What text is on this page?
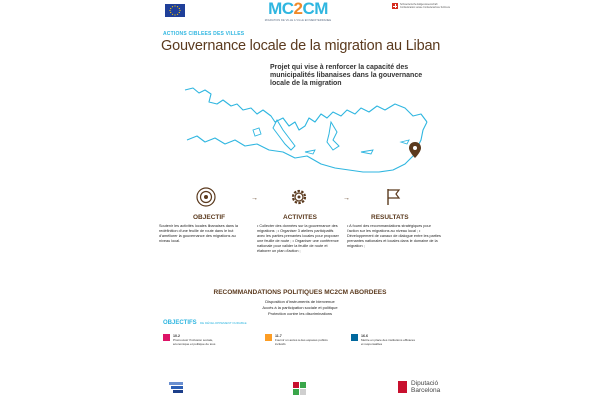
MC2CM
MIGRATION DE VILLE A VILLE EN MEDITERRANEE
Schweizerische Eidgenossenschaft Confédération suisse Confederazione Svizzera
ACTIONS CIBLEES DES VILLES
Gouvernance locale de la migration au Liban
Projet qui vise à renforcer la capacité des municipalités libanaises dans la gouvernance locale de la migration
→	→
OBJECTIF	ACTIVITES	RESULTATS
Soutenir les activités locales libanaises dans la redéfinition d'une feuille de route dans le but d'améliorer la gouvernance des migrations au niveau local.
• Collecter des données sur la gouvernance des migrations ; • Organiser 3 ateliers participatifs avec les parties prenantes locales pour proposer une feuille de route ; • Organiser une conférence nationale pour valider la feuille de route et élaborer un plan d'action ;
• A fourni des recommandations stratégiques pour l'action sur les migrations au niveau local ; • Développement de canaux de dialogue entre les parties prenantes nationales et locales dans le domaine de la migration ;
RECOMMANDATIONS POLITIQUES MC2CM ABORDEES
Disposition d'instruments de bienvenue
Accès à la participation sociale et politique
Protection contre les discriminations
OBJECTIFS DE DÉVELOPPEMENT DURABLE
10.2
Promouvoir l'inclusion sociale, économique et politique de tous
11.7
Fournir un accès à des espaces publics inclusifs
16.6
Mettre en place des institutions efficaces et responsables
Diputació Barcelona
